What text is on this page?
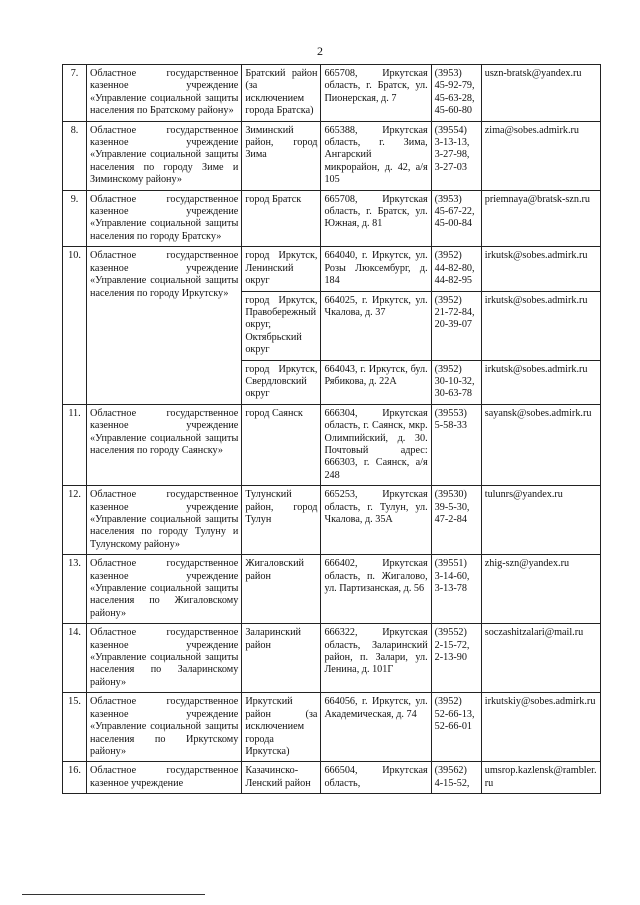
2
7.	Областное государственное казенное учреждение «Управление социальной защиты населения по Братскому району»	Братский район (за исключением города Братска)	665708, Иркутская область, г. Братск, ул. Пионерская, д. 7	(3953)
45-92-79,
45-63-28,
45-60-80	uszn-bratsk@yandex.ru
8.	Областное государственное казенное учреждение «Управление социальной защиты населения по городу Зиме и Зиминскому району»	Зиминский район, город Зима	665388, Иркутская область, г. Зима, Ангарский микрорайон, д. 42, а/я 105	(39554)
3-13-13,
3-27-98,
3-27-03	zima@sobes.admirk.ru
9.	Областное государственное казенное учреждение «Управление социальной защиты населения по городу Братску»	город Братск	665708, Иркутская область, г. Братск, ул. Южная, д. 81	(3953)
45-67-22,
45-00-84	priemnaya@bratsk-szn.ru
10.	Областное государственное казенное учреждение «Управление социальной защиты населения по городу Иркутску»	город Иркутск, Ленинский округ	664040, г. Иркутск, ул. Розы Люксембург, д. 184	(3952)
44-82-80,
44-82-95	irkutsk@sobes.admirk.ru
		город Иркутск, Правобережный округ, Октябрьский округ	664025, г. Иркутск, ул. Чкалова, д. 37	(3952)
21-72-84,
20-39-07	irkutsk@sobes.admirk.ru
		город Иркутск, Свердловский округ	664043, г. Иркутск, бул. Рябикова, д. 22А	(3952)
30-10-32,
30-63-78	irkutsk@sobes.admirk.ru
11.	Областное государственное казенное учреждение «Управление социальной защиты населения по городу Саянску»	город Саянск	666304, Иркутская область, г. Саянск, мкр. Олимпийский, д. 30. Почтовый адрес: 666303, г. Саянск, а/я 248	(39553)
5-58-33	sayansk@sobes.admirk.ru
12.	Областное государственное казенное учреждение «Управление социальной защиты населения по городу Тулуну и Тулунскому району»	Тулунский район, город Тулун	665253, Иркутская область, г. Тулун, ул. Чкалова, д. 35А	(39530)
39-5-30,
47-2-84	tulunrs@yandex.ru
13.	Областное государственное казенное учреждение «Управление социальной защиты населения по Жигаловскому району»	Жигаловский район	666402, Иркутская область, п. Жигалово, ул. Партизанская, д. 56	(39551)
3-14-60,
3-13-78	zhig-szn@yandex.ru
14.	Областное государственное казенное учреждение «Управление социальной защиты населения по Заларинскому району»	Заларинский район	666322, Иркутская область, Заларинский район, п. Залари, ул. Ленина, д. 101Г	(39552)
2-15-72,
2-13-90	soczashitzalari@mail.ru
15.	Областное государственное казенное учреждение «Управление социальной защиты населения по Иркутскому району»	Иркутский район (за исключением города Иркутска)	664056, г. Иркутск, ул. Академическая, д. 74	(3952)
52-66-13,
52-66-01	irkutskiy@sobes.admirk.ru
16.	Областное государственное казенное учреждение	Казачинско-Ленский район	666504, Иркутская область,	(39562)
4-15-52,	umsrop.kazlensk@rambler.ru
